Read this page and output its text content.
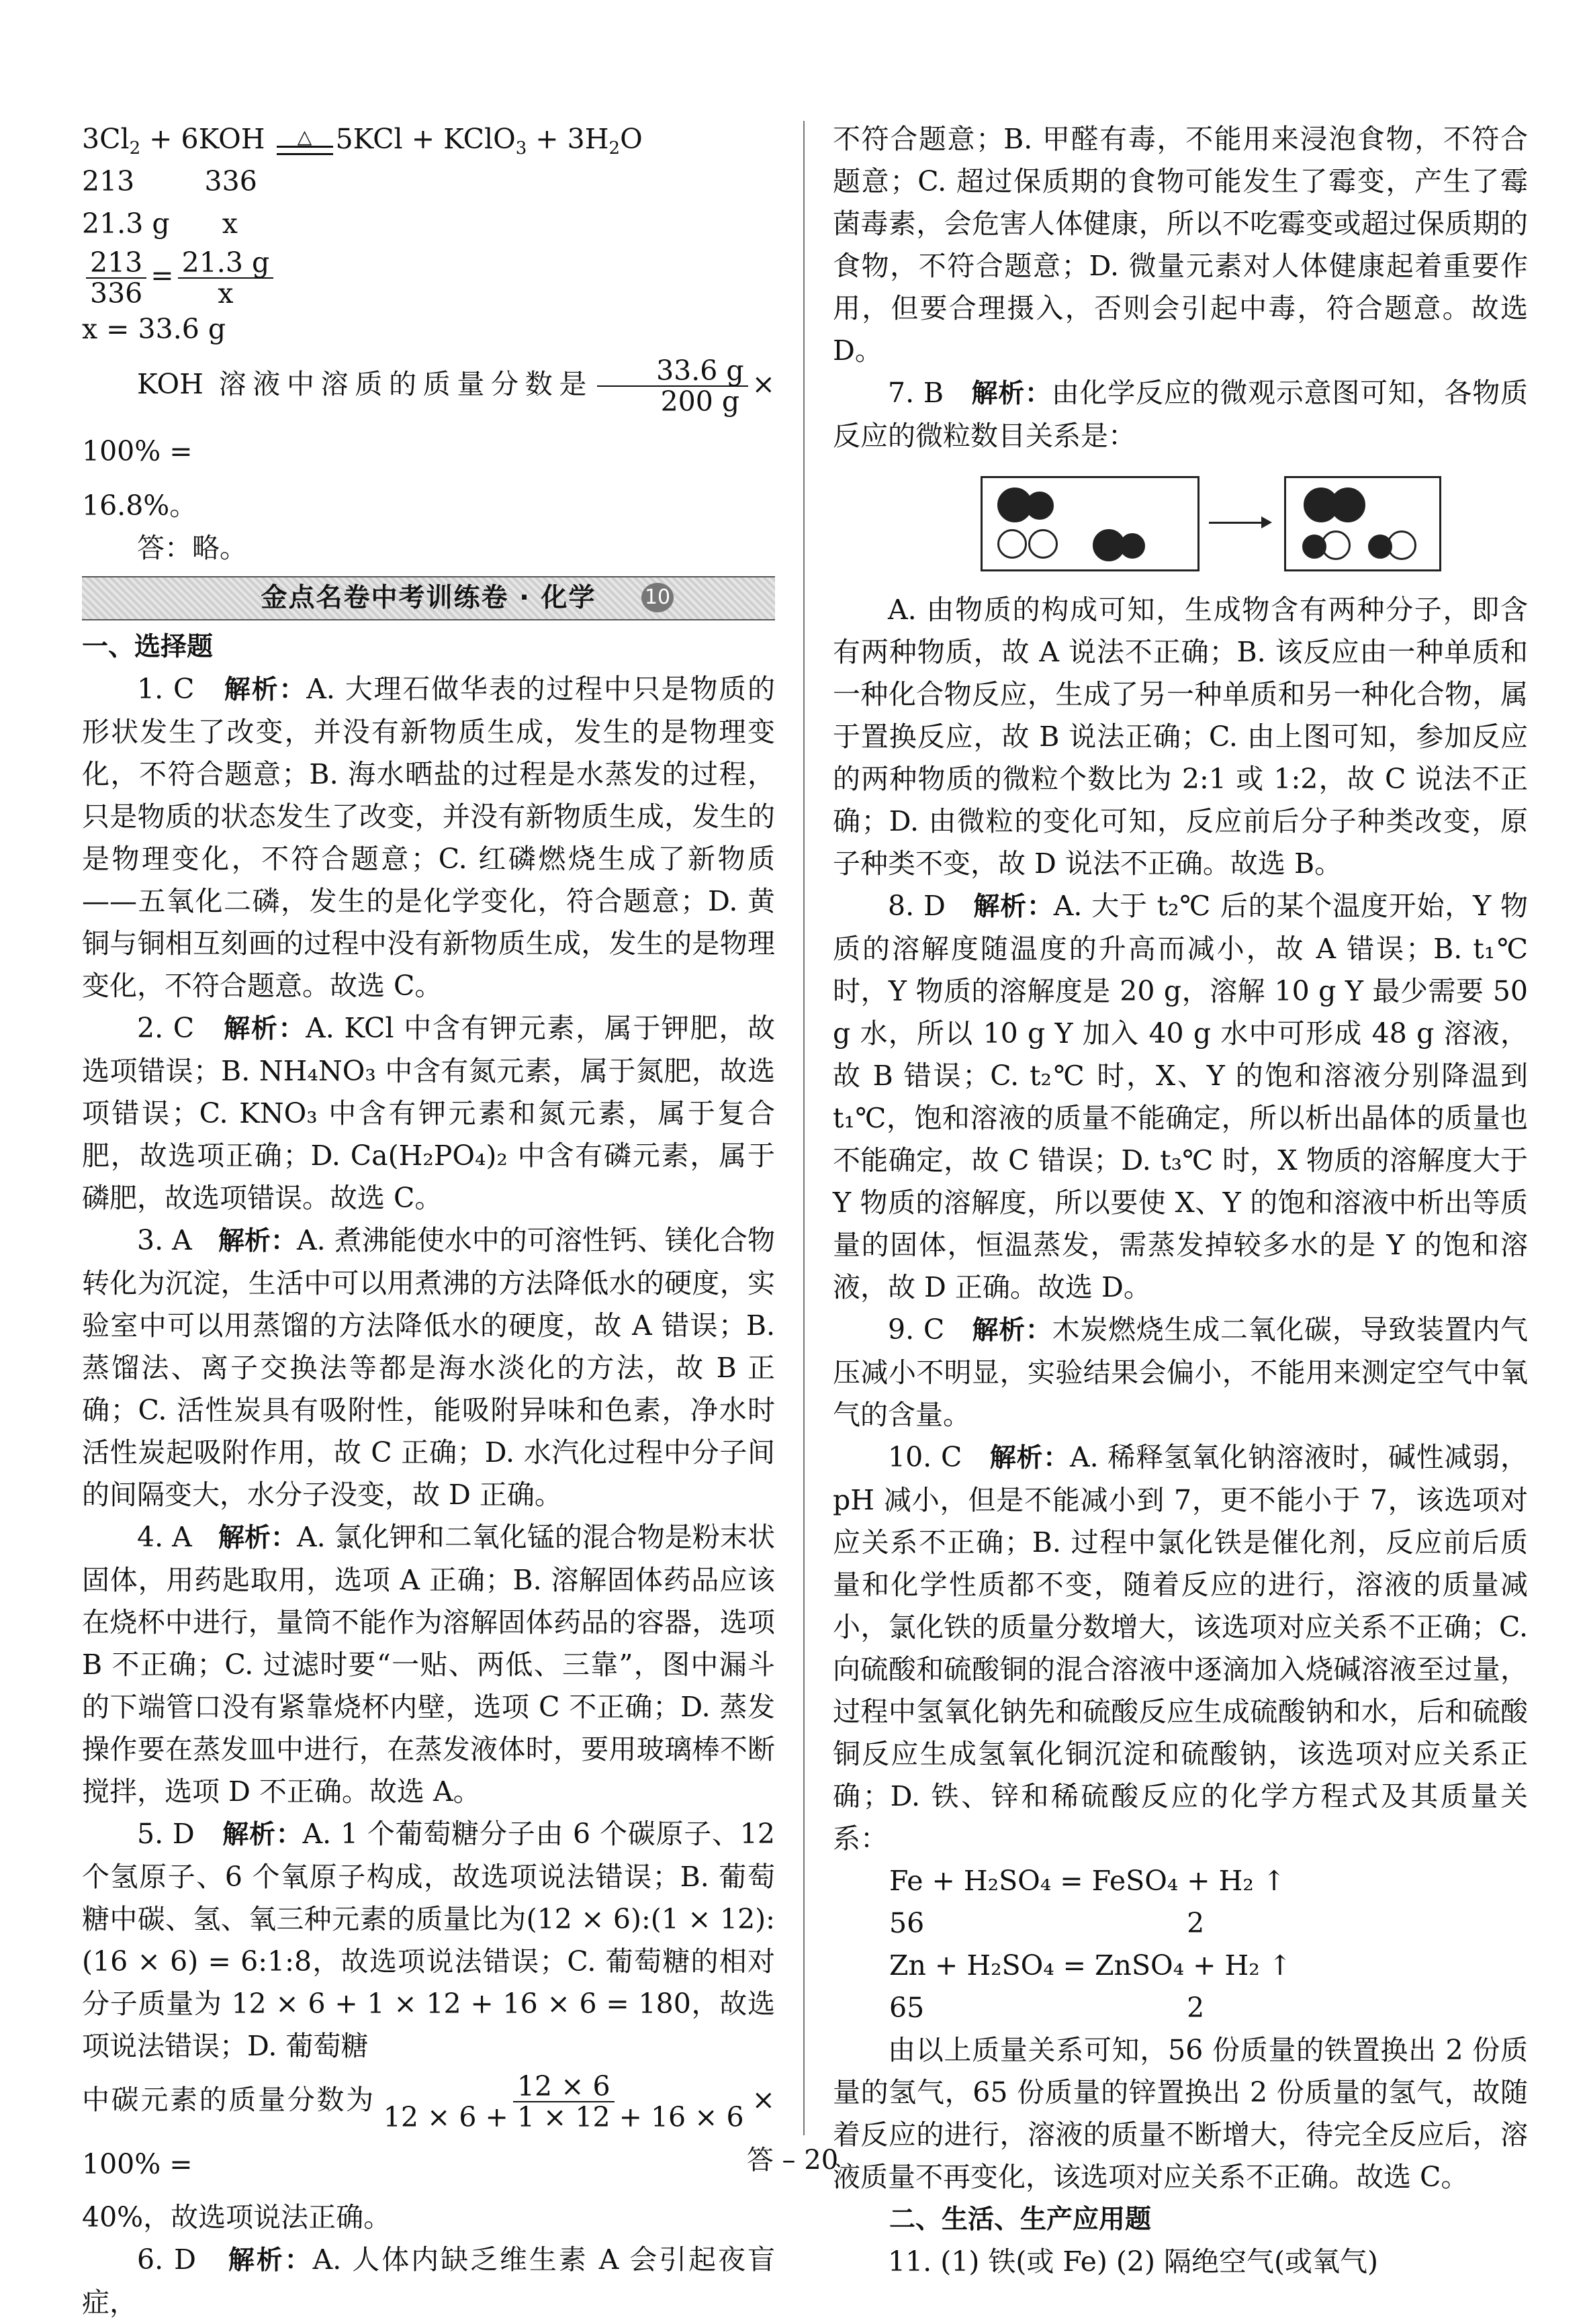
$3Cl_2 + 6KOH$ △ 5KCl + KClO$_3$ + $3H_2O$

213        336

21.3 g      x

$\frac{213}{336} = \frac{21.3 g}{x}$

x = 33.6 g

KOH 溶液中溶质的质量分数是 $\frac{33.6 g}{200 g} \times 100\%$ =

16.8%。

答：略。

金点名卷中考训练卷 · 化学 10

一、选择题

1. C 解析：A. 大理石做华表的过程中只是物质的形状发生了改变，并没有新物质生成，发生的是物理变化，不符合题意；B. 海水晒盐的过程是水蒸发的过程，只是物质的状态发生了改变，并没有新物质生成，发生的是物理变化，不符合题意；C. 红磷燃烧生成了新物质——五氧化二磷，发生的是化学变化，符合题意；D. 黄铜与铜相互刻画的过程中没有新物质生成，发生的是物理变化，不符合题意。故选 C。

2. C 解析：A. KCl 中含有钾元素，属于钾肥，故选项错误；B. NH₄NO₃ 中含有氮元素，属于氮肥，故选项错误；C. KNO₃ 中含有钾元素和氮元素，属于复合肥，故选项正确；D. Ca(H₂PO₄)₂ 中含有磷元素，属于磷肥，故选项错误。故选 C。

3. A 解析：A. 煮沸能使水中的可溶性钙、镁化合物转化为沉淀，生活中可以用煮沸的方法降低水的硬度，实验室中可以用蒸馏的方法降低水的硬度，故 A 错误；B. 蒸馏法、离子交换法等都是海水淡化的方法，故 B 正确；C. 活性炭具有吸附性，能吸附异味和色素，净水时活性炭起吸附作用，故 C 正确；D. 水汽化过程中分子间的间隔变大，水分子没变，故 D 正确。

4. A 解析：A. 氯化钾和二氧化锰的混合物是粉末状固体，用药匙取用，选项 A 正确；B. 溶解固体药品应该在烧杯中进行，量筒不能作为溶解固体药品的容器，选项 B 不正确；C. 过滤时要“一贴、两低、三靠”，图中漏斗的下端管口没有紧靠烧杯内壁，选项 C 不正确；D. 蒸发操作要在蒸发皿中进行，在蒸发液体时，要用玻璃棒不断搅拌，选项 D 不正确。故选 A。

5. D 解析：A. 1 个葡萄糖分子由 6 个碳原子、12 个氢原子、6 个氧原子构成，故选项说法错误；B. 葡萄糖中碳、氢、氧三种元素的质量比为(12 × 6):(1 × 12):(16 × 6) = 6:1:8，故选项说法错误；C. 葡萄糖的相对分子质量为 12 × 6 + 1 × 12 + 16 × 6 = 180，故选项说法错误；D. 葡萄糖

中碳元素的质量分数为 $\frac{12 \times 6}{12 \times 6 + 1 \times 12 + 16 \times 6} \times 100\%$ =

40%，故选项说法正确。

6. D 解析：A. 人体内缺乏维生素 A 会引起夜盲症，

不符合题意；B. 甲醛有毒，不能用来浸泡食物，不符合题意；C. 超过保质期的食物可能发生了霉变，产生了霉菌毒素，会危害人体健康，所以不吃霉变或超过保质期的食物，不符合题意；D. 微量元素对人体健康起着重要作用，但要合理摄入，否则会引起中毒，符合题意。故选 D。

7. B 解析：由化学反应的微观示意图可知，各物质反应的微粒数目关系是：

A. 由物质的构成可知，生成物含有两种分子，即含有两种物质，故 A 说法不正确；B. 该反应由一种单质和一种化合物反应，生成了另一种单质和另一种化合物，属于置换反应，故 B 说法正确；C. 由上图可知，参加反应的两种物质的微粒个数比为 2:1 或 1:2，故 C 说法不正确；D. 由微粒的变化可知，反应前后分子种类改变，原子种类不变，故 D 说法不正确。故选 B。

8. D 解析：A. 大于 t₂℃ 后的某个温度开始，Y 物质的溶解度随温度的升高而减小，故 A 错误；B. t₁℃ 时，Y 物质的溶解度是 20 g，溶解 10 g Y 最少需要 50 g 水，所以 10 g Y 加入 40 g 水中可形成 48 g 溶液，故 B 错误；C. t₂℃ 时，X、Y 的饱和溶液分别降温到 t₁℃，饱和溶液的质量不能确定，所以析出晶体的质量也不能确定，故 C 错误；D. t₃℃ 时，X 物质的溶解度大于 Y 物质的溶解度，所以要使 X、Y 的饱和溶液中析出等质量的固体，恒温蒸发，需蒸发掉较多水的是 Y 的饱和溶液，故 D 正确。故选 D。

9. C 解析：木炭燃烧生成二氧化碳，导致装置内气压减小不明显，实验结果会偏小，不能用来测定空气中氧气的含量。

10. C 解析：A. 稀释氢氧化钠溶液时，碱性减弱，pH 减小，但是不能减小到 7，更不能小于 7，该选项对应关系不正确；B. 过程中氯化铁是催化剂，反应前后质量和化学性质都不变，随着反应的进行，溶液的质量减小，氯化铁的质量分数增大，该选项对应关系不正确；C. 向硫酸和硫酸铜的混合溶液中逐滴加入烧碱溶液至过量，过程中氢氧化钠先和硫酸反应生成硫酸钠和水，后和硫酸铜反应生成氢氧化铜沉淀和硫酸钠，该选项对应关系正确；D. 铁、锌和稀硫酸反应的化学方程式及其质量关系：

Fe + H₂SO₄ = FeSO₄ + H₂ ↑

56                              2

Zn + H₂SO₄ = ZnSO₄ + H₂ ↑

65                              2

由以上质量关系可知，56 份质量的铁置换出 2 份质量的氢气，65 份质量的锌置换出 2 份质量的氢气，故随着反应的进行，溶液的质量不断增大，待完全反应后，溶液质量不再变化，该选项对应关系不正确。故选 C。

二、生活、生产应用题

11. (1) 铁(或 Fe) (2) 隔绝空气(或氧气)

答 – 20
